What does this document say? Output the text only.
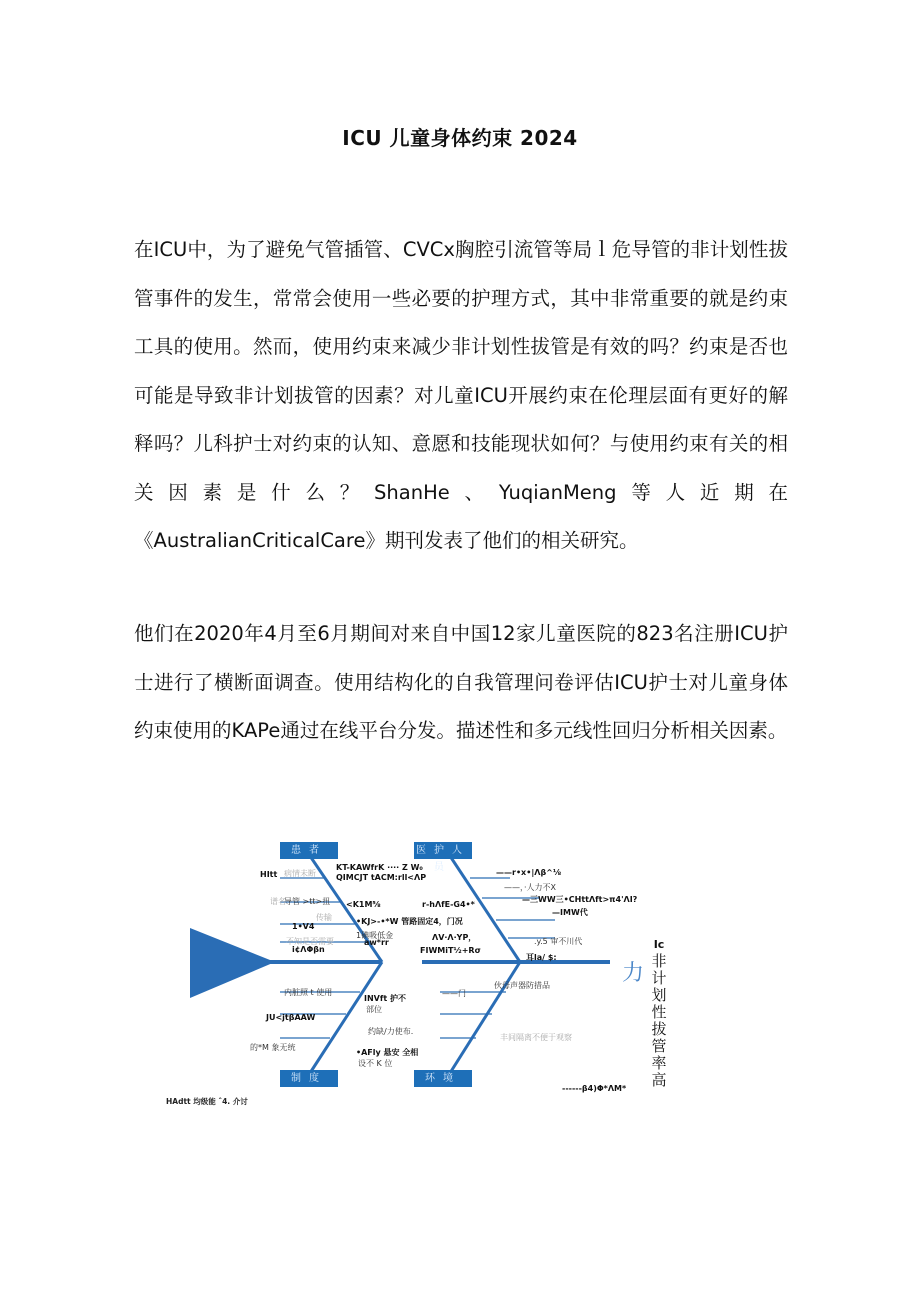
ICU 儿童身体约束 2024

在ICU中，为了避免气管插管、CVCx胸腔引流管等局ｌ危导管的非计划性拔管事件的发生，常常会使用一些必要的护理方式，其中非常重要的就是约束工具的使用。然而，使用约束来减少非计划性拔管是有效的吗？约束是否也可能是导致非计划拔管的因素？对儿童ICU开展约束在伦理层面有更好的解释吗？儿科护士对约束的认知、意愿和技能现状如何？与使用约束有关的相关因素是什么？ShanHe、YuqianMeng等人近期在《AustralianCriticalCare》期刊发表了他们的相关研究。

他们在2020年4月至6月期间对来自中国12家儿童医院的823名注册ICU护士进行了横断面调查。使用结构化的自我管理问卷评估ICU护士对儿童身体约束使用的KAPe通过在线平台分发。描述性和多元线性回归分析相关因素。

患者	医护人员
制度	环境
HItt 病情未断
KT-KAWfrK ···· Z W₀
QIMCJT tACM:rll<ΛP
谱名
导管 >tt>扭 <K1M⅝	r-hΛfE-G4•*
传输
1•V4
•KJ>-•*W 管路固定4，门况
不知是否需要
i¢ΛΦβn
1碘吸低金
aw*rr
ΛV·Λ·YP，
FIWMiT½+Rσ
——r•x•|Λβ^⅛
——，·人力不X
—三WW三•CHttΛft>π4'ΛI?
—IMW代
.y.5 审不川代
耳la/ $:
内脏照 t 使用
JU<jtβAAW
INVft 护不
部位
——门
伙母声器防措品
约缺/力使布.
丰间隔离不便于观察
的*M 象无统
•AFly 悬安 全相
设不 K 位
------β4)Φ*ΛM*
HAdtt 均级能 ˆ4. 介讨
力
Ic
非计划性拔管率高
